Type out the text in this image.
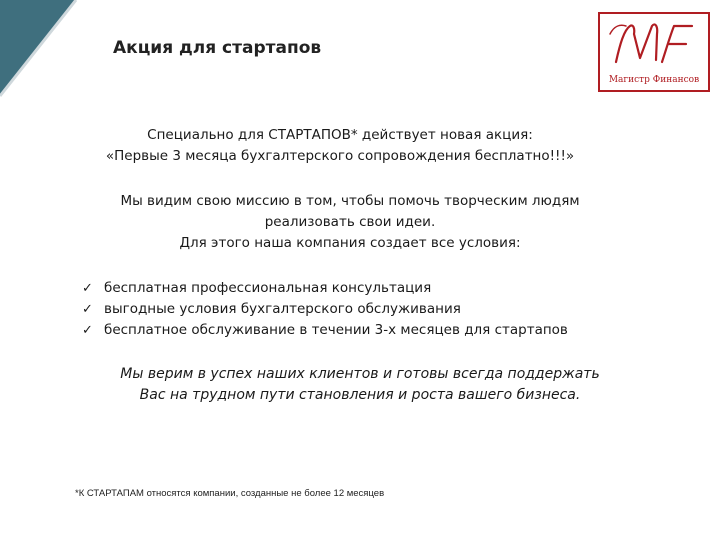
Акция для стартапов
Магистр Финансов
Специально для СТАРТАПОВ* действует новая акция:
«Первые 3 месяца бухгалтерского сопровождения бесплатно!!!»
Мы видим свою миссию в том, чтобы помочь творческим людям
реализовать свои идеи.
Для этого наша компания создает все условия:
✓ бесплатная профессиональная консультация
✓ выгодные условия бухгалтерского обслуживания
✓ бесплатное обслуживание в течении 3-х месяцев для стартапов
Мы верим в успех наших клиентов и готовы всегда поддержать
Вас на трудном пути становления и роста вашего бизнеса.
*К СТАРТАПАМ относятся компании, созданные не более 12 месяцев
